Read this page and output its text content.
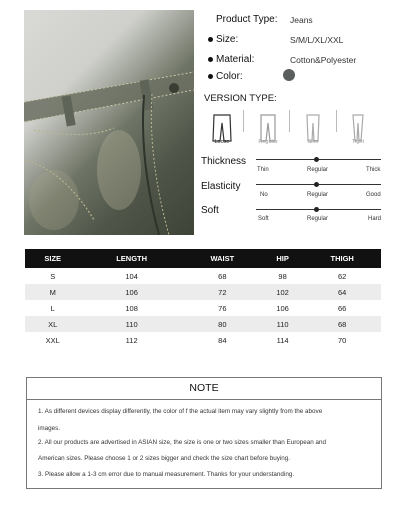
Product Type: Jeans
Size:	S/M/L/XL/XXL
Material:	Cotton&Polyester
Color:
VERSION TYPE:
Loose	Regular	Slim	Tight
Thickness
Thin	Regular	Thick
Elasticity
No	Regular	Good
Soft
Soft	Regular	Hard
SIZE	LENGTH	WAIST	HIP	THIGH
S	104	68	98	62
M	106	72	102	64
L	108	76	106	66
XL	110	80	110	68
XXL	112	84	114	70
NOTE
1. As different devices display differently, the color of f the actual item may vary slightly from the above
images.
2. All our products are advertised in ASIAN size, the size is one or two sizes smaller than European and
American sizes. Please choose 1 or 2 sizes bigger and check the size chart before buying.
3. Please allow a 1-3 cm error due to manual measurement. Thanks for your understanding.
